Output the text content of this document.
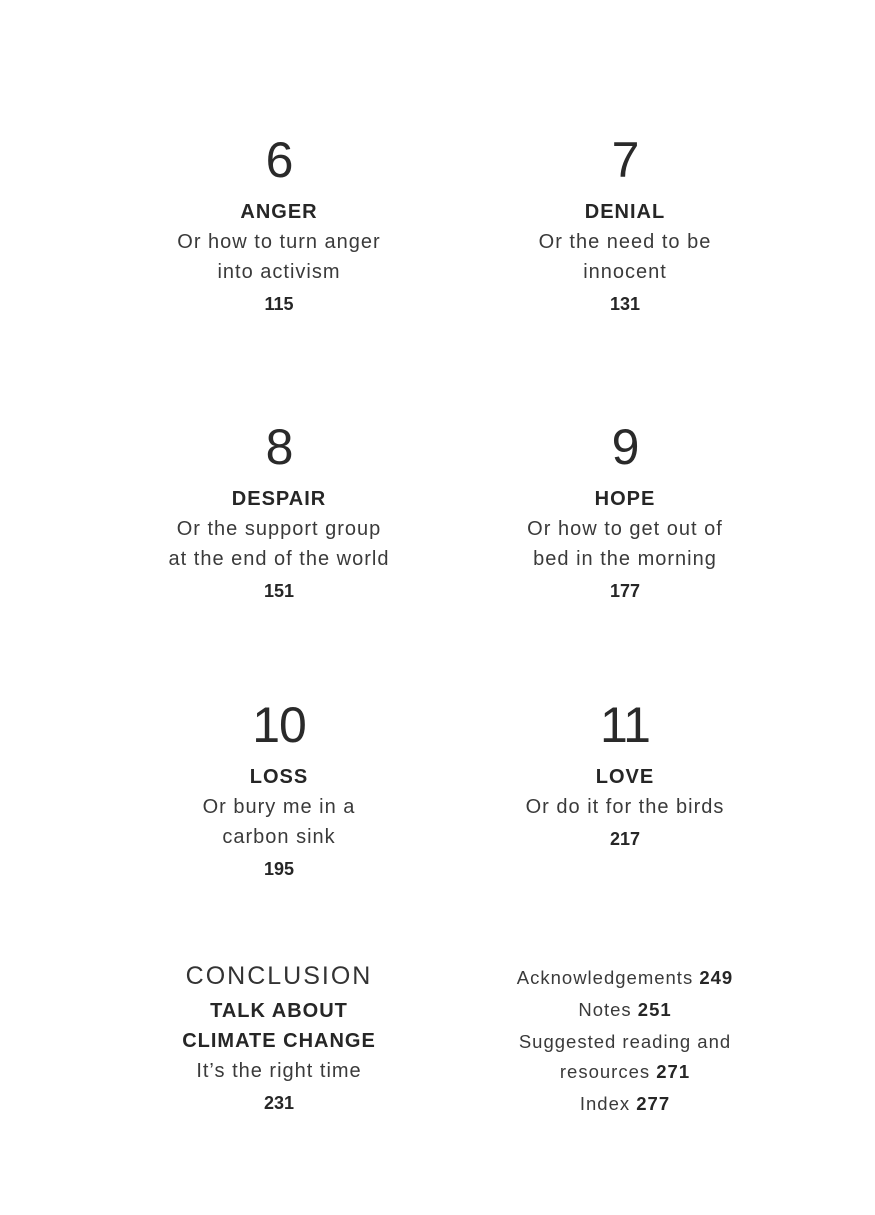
6
ANGER
Or how to turn anger
into activism
115
7
DENIAL
Or the need to be
innocent
131
8
DESPAIR
Or the support group
at the end of the world
151
9
HOPE
Or how to get out of
bed in the morning
177
10
LOSS
Or bury me in a
carbon sink
195
11
LOVE
Or do it for the birds
217
CONCLUSION
TALK ABOUT
CLIMATE CHANGE
It’s the right time
231
Acknowledgements 249
Notes 251
Suggested reading and
resources 271
Index 277
